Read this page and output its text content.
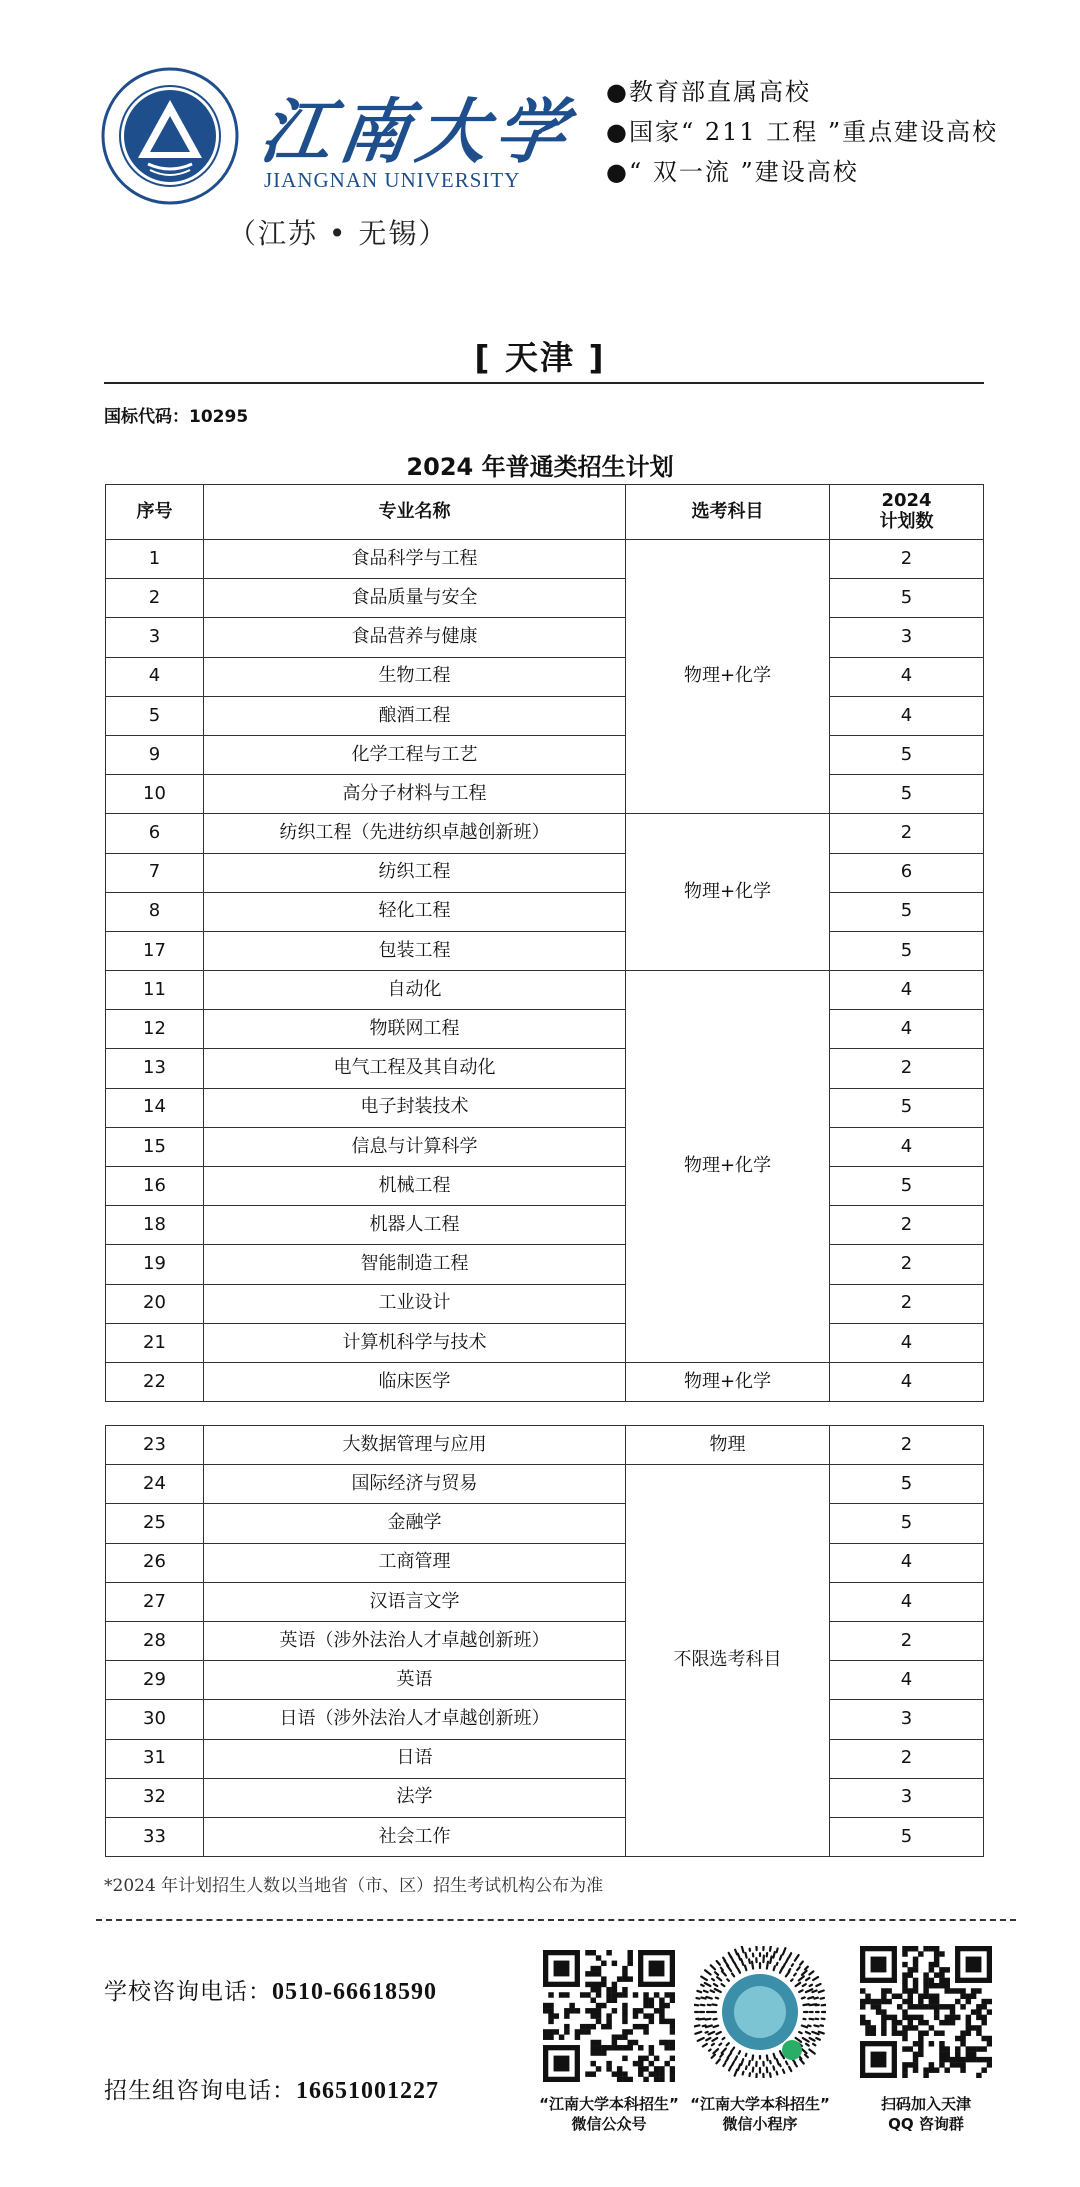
江南大学
JIANGNAN UNIVERSITY
（江苏 • 无锡）
●教育部直属高校
●国家“ 211 工程 ”重点建设高校
●“ 双一流 ”建设高校
[ 天津 ]
国标代码：10295
2024 年普通类招生计划
序号	专业名称	选考科目	2024
计划数
1	食品科学与工程	物理+化学	2
2	食品质量与安全		5
3	食品营养与健康		3
4	生物工程		4
5	酿酒工程		4
9	化学工程与工艺		5
10	高分子材料与工程		5
6	纺织工程（先进纺织卓越创新班）	物理+化学	2
7	纺织工程		6
8	轻化工程		5
17	包装工程		5
11	自动化	物理+化学	4
12	物联网工程		4
13	电气工程及其自动化		2
14	电子封装技术		5
15	信息与计算科学		4
16	机械工程		5
18	机器人工程		2
19	智能制造工程		2
20	工业设计		2
21	计算机科学与技术		4
22	临床医学	物理+化学	4
23	大数据管理与应用	物理	2
24	国际经济与贸易	不限选考科目	5
25	金融学		5
26	工商管理		4
27	汉语言文学		4
28	英语（涉外法治人才卓越创新班）		2
29	英语		4
30	日语（涉外法治人才卓越创新班）		3
31	日语		2
32	法学		3
33	社会工作		5
*2024 年计划招生人数以当地省（市、区）招生考试机构公布为准
学校咨询电话：0510-66618590
招生组咨询电话：16651001227	“江南大学本科招生”
微信公众号
“江南大学本科招生”
微信小程序
扫码加入天津
QQ 咨询群
